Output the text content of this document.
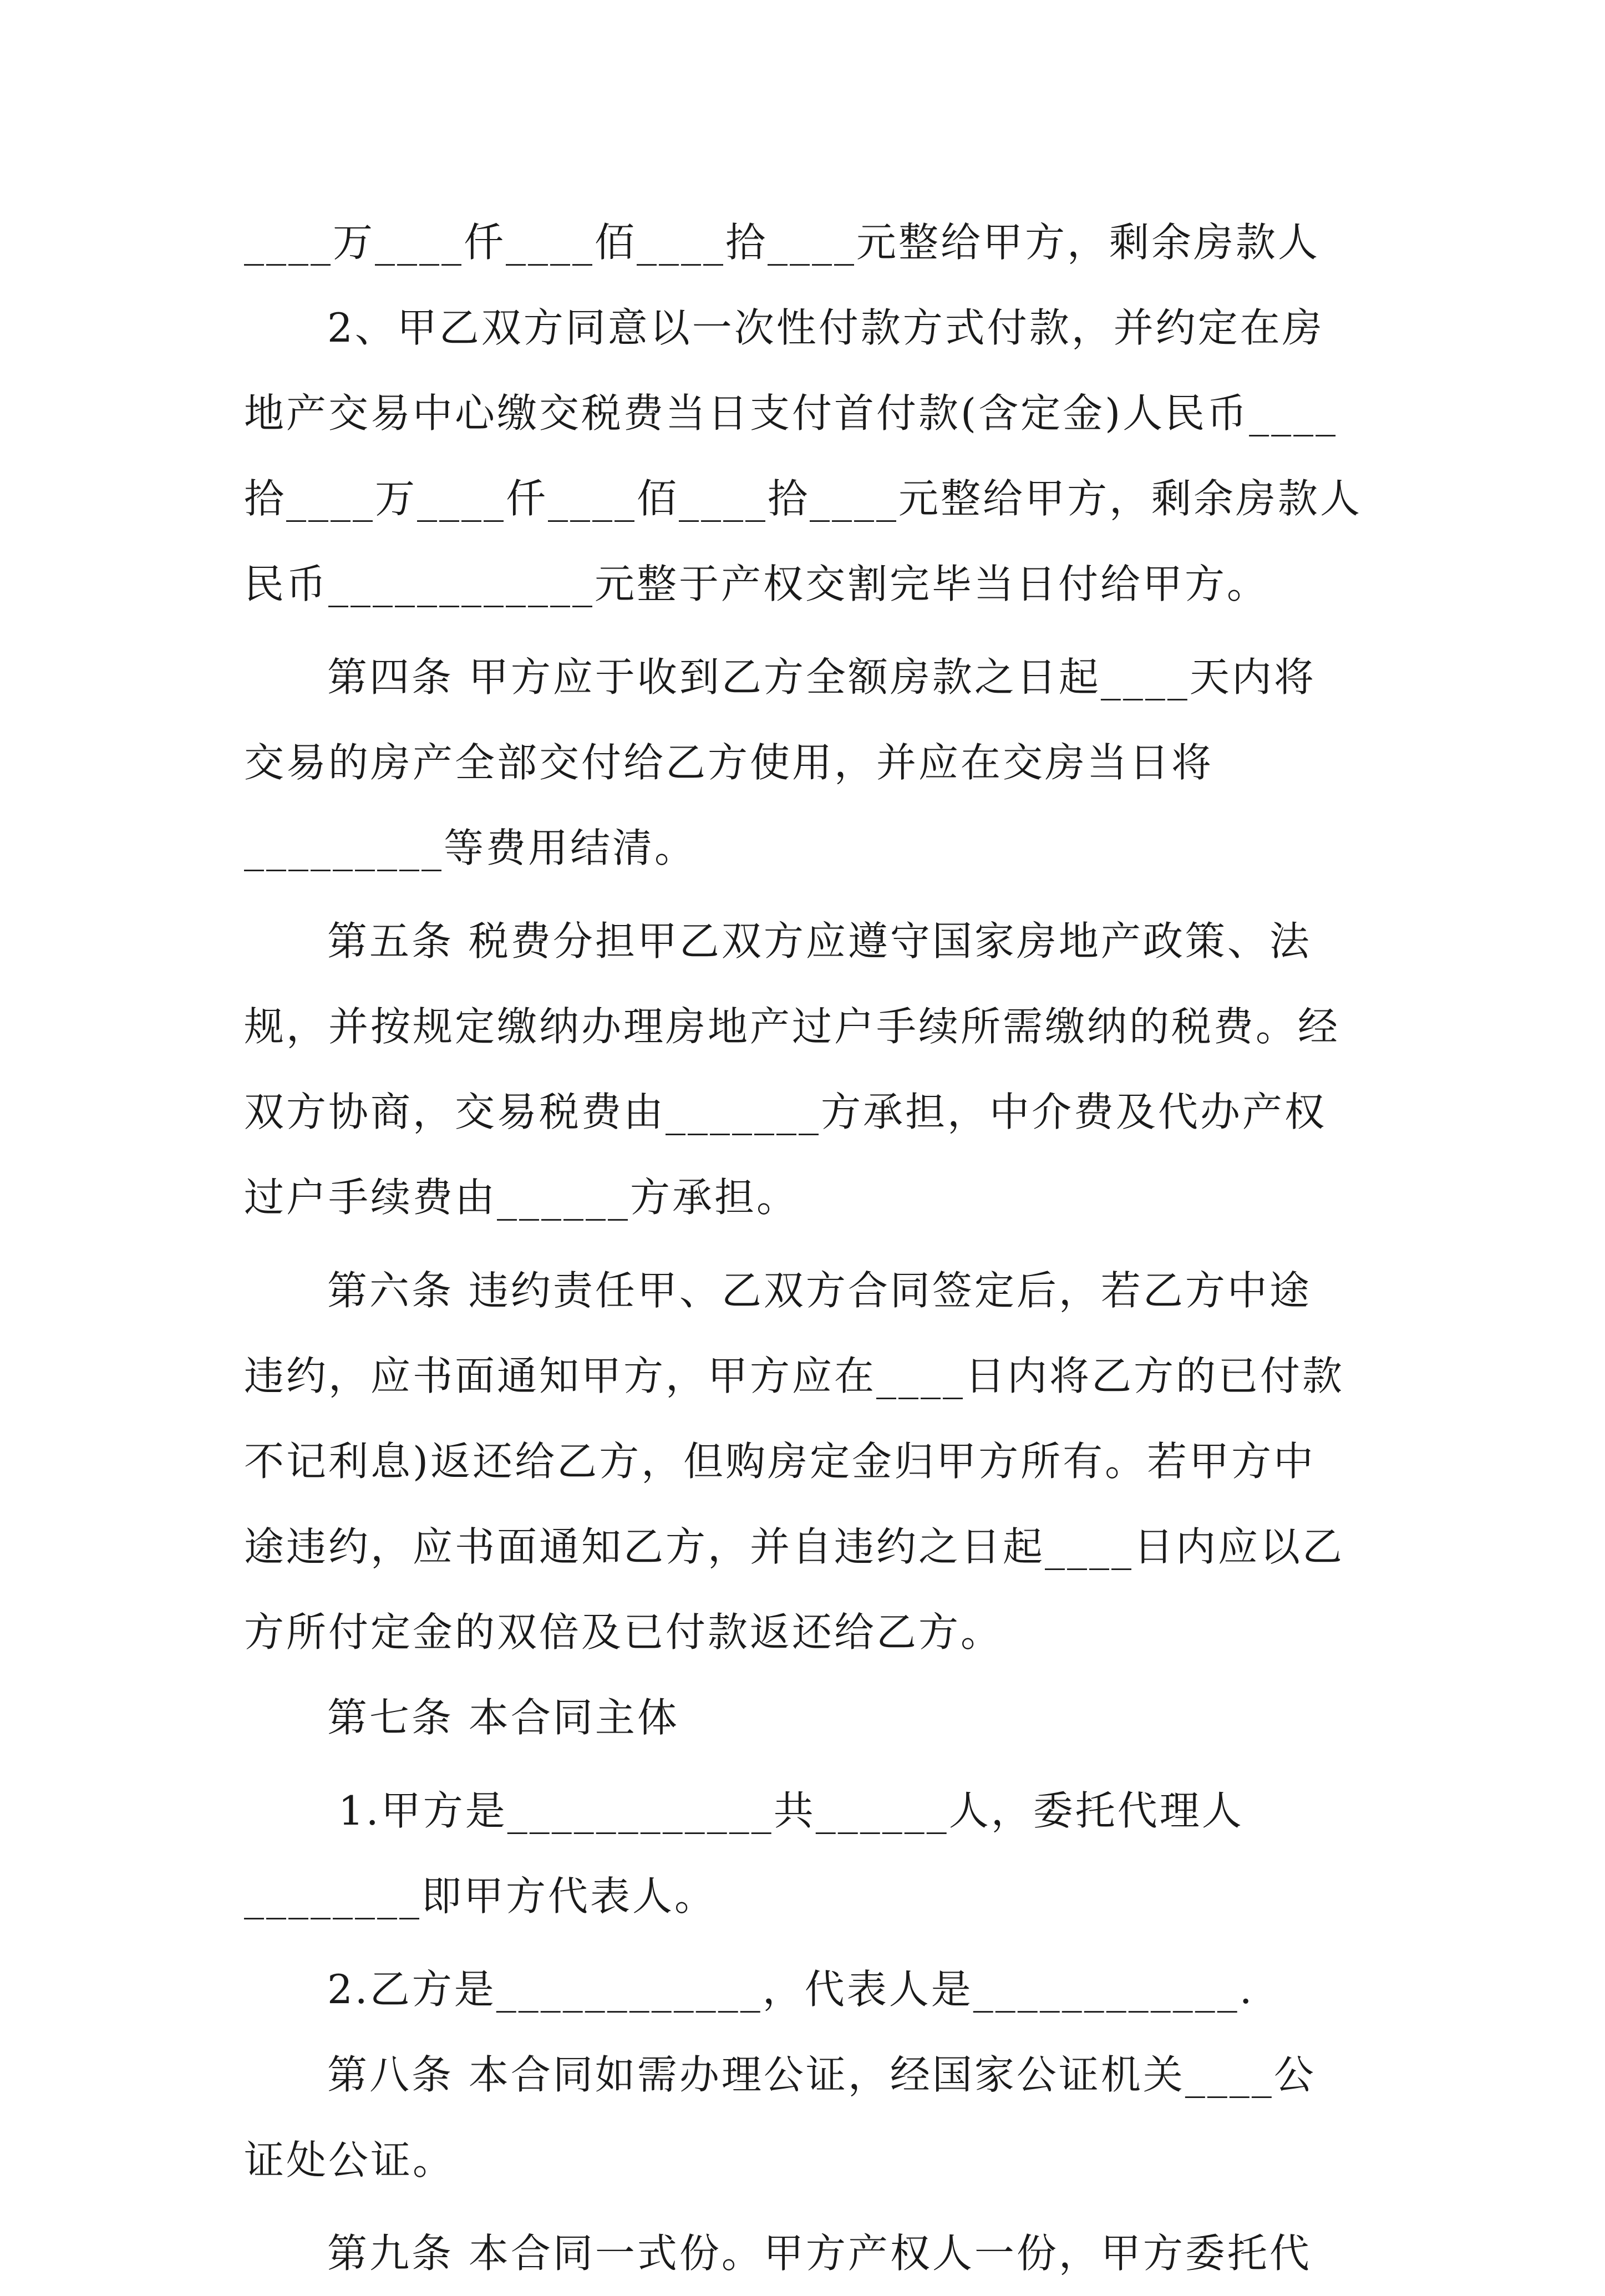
____万____仟____佰____拾____元整给甲方，剩余房款人
2、甲乙双方同意以一次性付款方式付款，并约定在房
地产交易中心缴交税费当日支付首付款(含定金)人民币____
拾____万____仟____佰____拾____元整给甲方，剩余房款人
民币____________元整于产权交割完毕当日付给甲方。
第四条 甲方应于收到乙方全额房款之日起____天内将
交易的房产全部交付给乙方使用，并应在交房当日将
_________等费用结清。
第五条 税费分担甲乙双方应遵守国家房地产政策、法
规，并按规定缴纳办理房地产过户手续所需缴纳的税费。经
双方协商，交易税费由_______方承担，中介费及代办产权
过户手续费由______方承担。
第六条 违约责任甲、乙双方合同签定后，若乙方中途
违约，应书面通知甲方，甲方应在____日内将乙方的已付款
不记利息)返还给乙方，但购房定金归甲方所有。若甲方中
途违约，应书面通知乙方，并自违约之日起____日内应以乙
方所付定金的双倍及已付款返还给乙方。
第七条 本合同主体
1.甲方是____________共______人，委托代理人
________即甲方代表人。
2.乙方是____________，代表人是____________.
第八条 本合同如需办理公证，经国家公证机关____公
证处公证。
第九条 本合同一式份。甲方产权人一份，甲方委托代
